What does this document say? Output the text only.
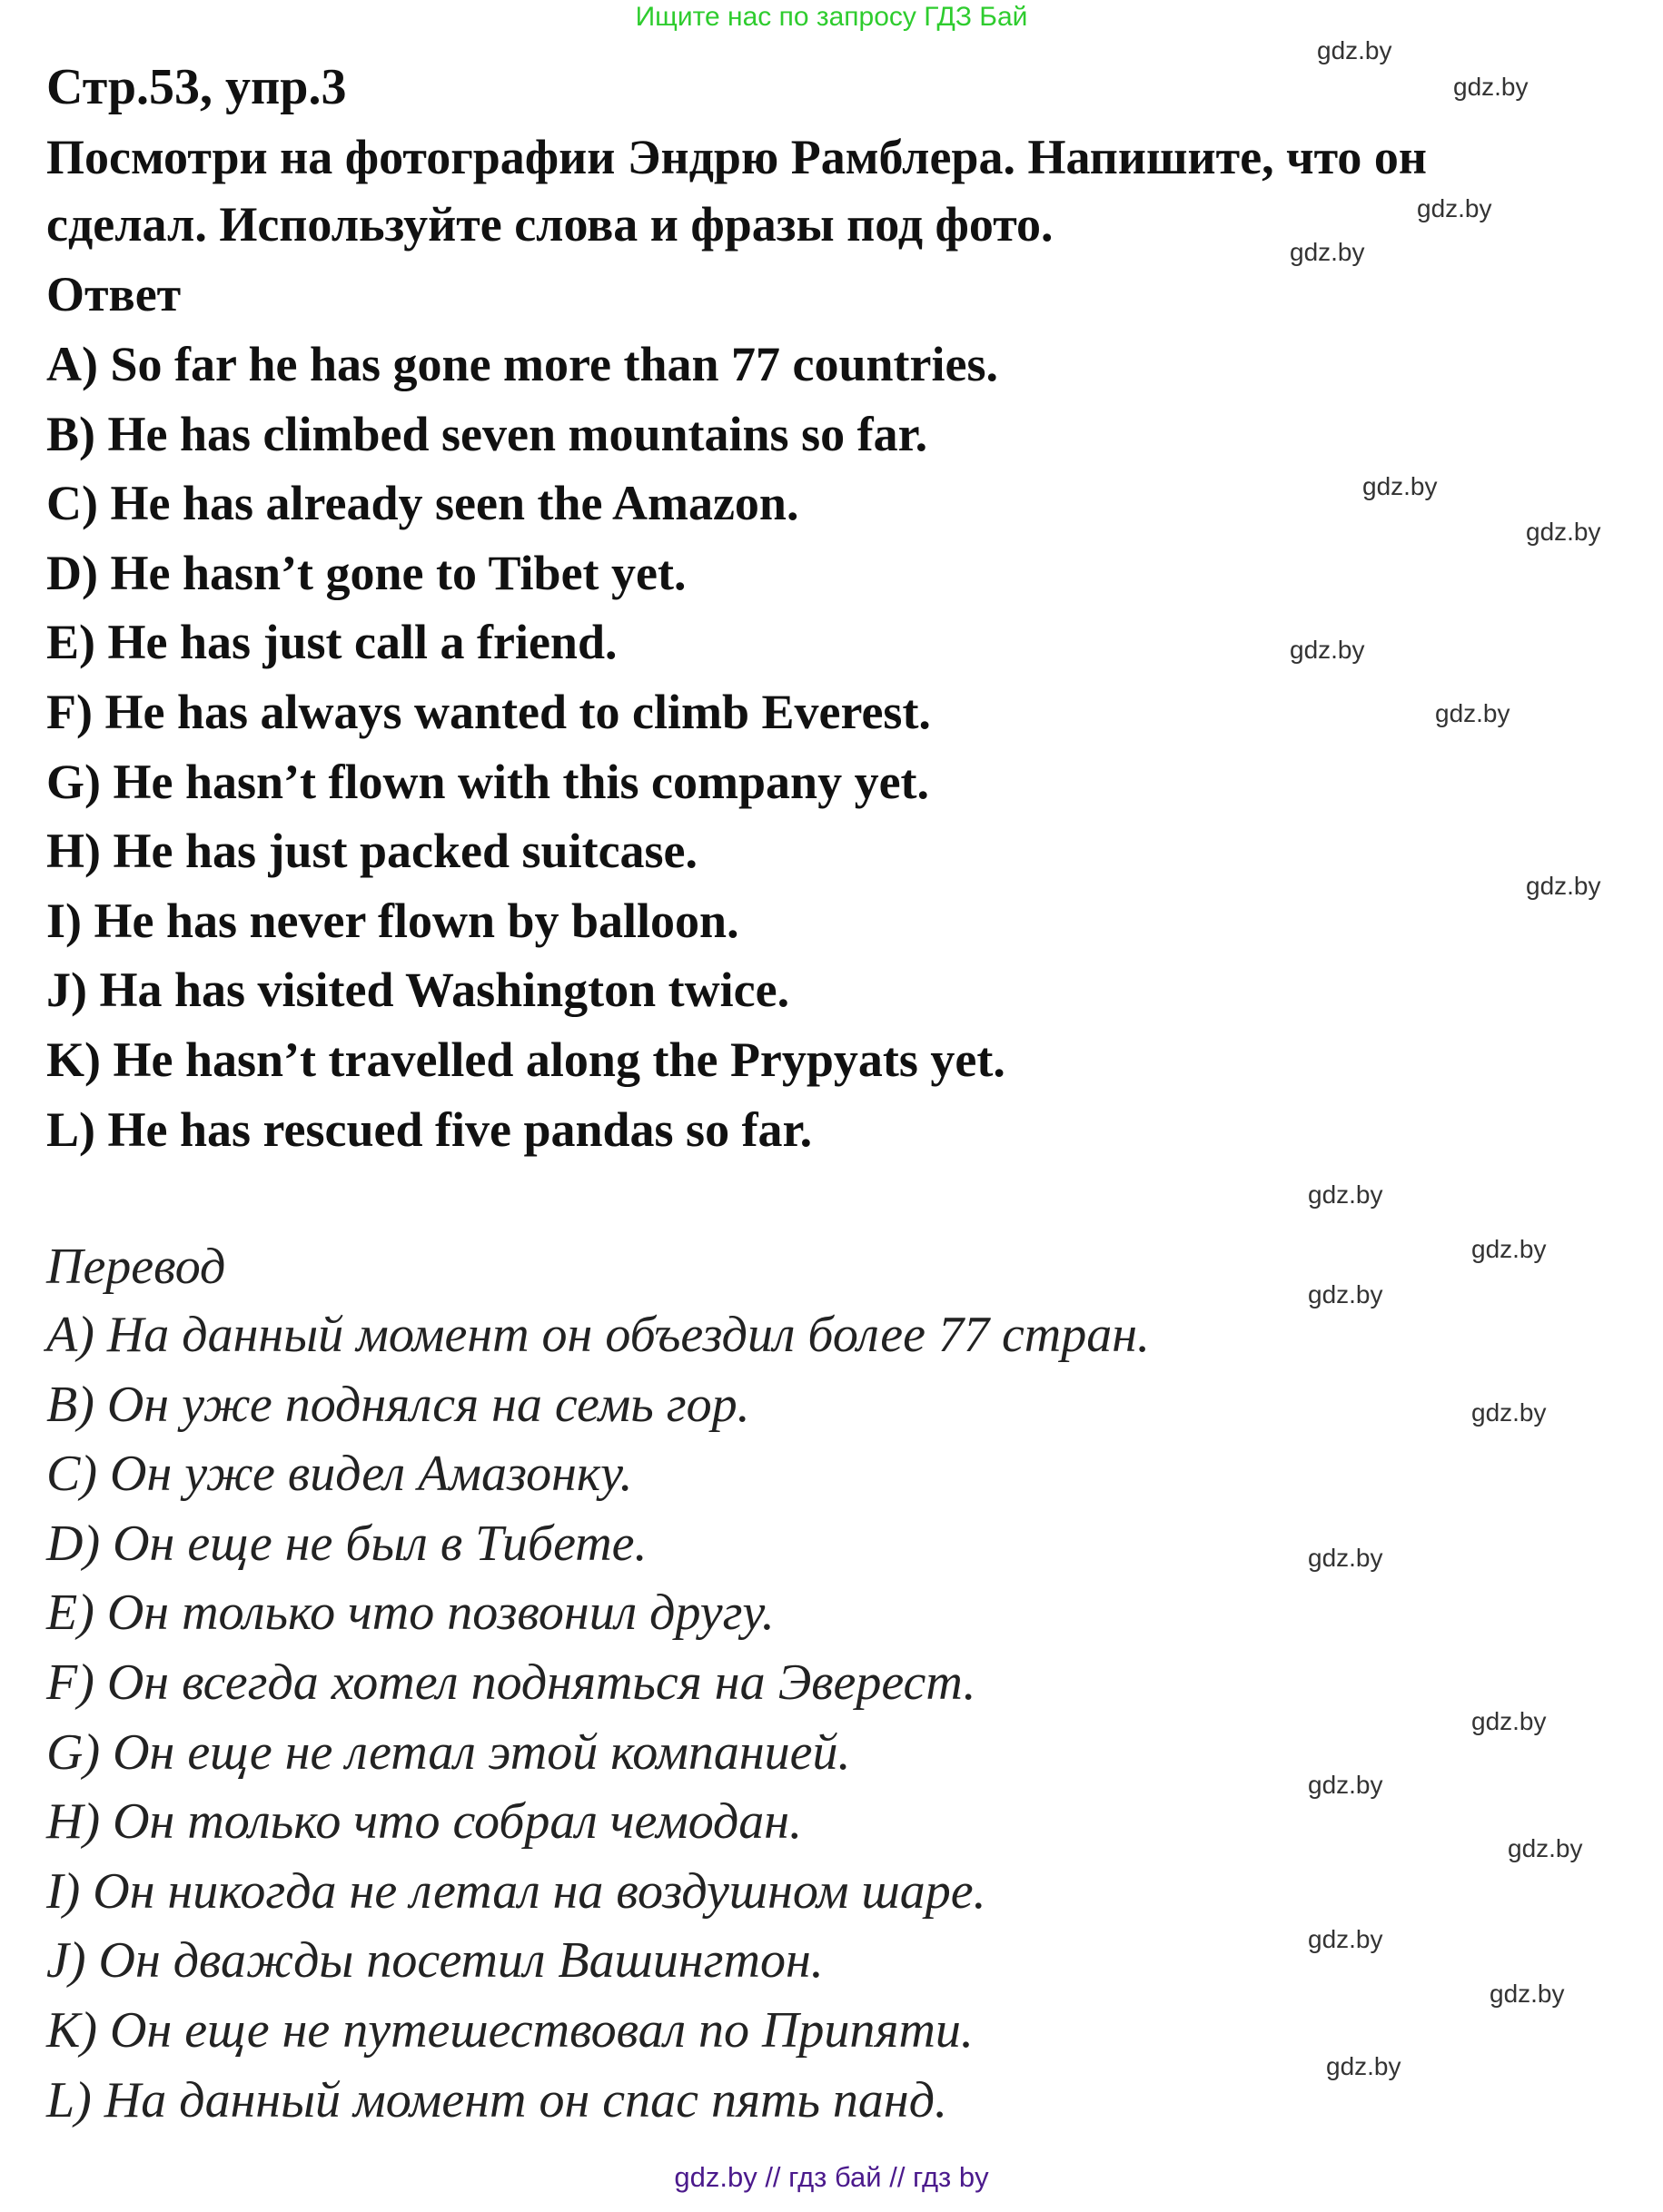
Ищите нас по запросу ГДЗ Бай
Стр.53, упр.3
Посмотри на фотографии Эндрю Рамблера. Напишите, что он
сделал. Используйте слова и фразы под фото.
Ответ
A) So far he has gone more than 77 countries.
B) He has climbed seven mountains so far.
C) He has already seen the Amazon.
D) He hasn’t gone to Tibet yet.
E) He has just call a friend.
F) He has always wanted to climb Everest.
G) He hasn’t flown with this company yet.
H) He has just packed suitcase.
I) He has never flown by balloon.
J) Ha has visited Washington twice.
K) He hasn’t travelled along the Prypyats yet.
L) He has rescued five pandas so far.
Перевод
A) На данный момент он объездил более 77 стран.
B) Он уже поднялся на семь гор.
C) Он уже видел Амазонку.
D) Он еще не был в Тибете.
E) Он только что позвонил другу.
F) Он всегда хотел подняться на Эверест.
G) Он еще не летал этой компанией.
H) Он только что собрал чемодан.
I) Он никогда не летал на воздушном шаре.
J) Он дважды посетил Вашингтон.
K) Он еще не путешествовал по Припяти.
L) На данный момент он спас пять панд.
gdz.by
gdz.by
gdz.by
gdz.by
gdz.by
gdz.by
gdz.by
gdz.by
gdz.by
gdz.by
gdz.by
gdz.by
gdz.by
gdz.by
gdz.by
gdz.by
gdz.by
gdz.by
gdz.by
gdz.by
gdz.by // гдз бай // гдз by
